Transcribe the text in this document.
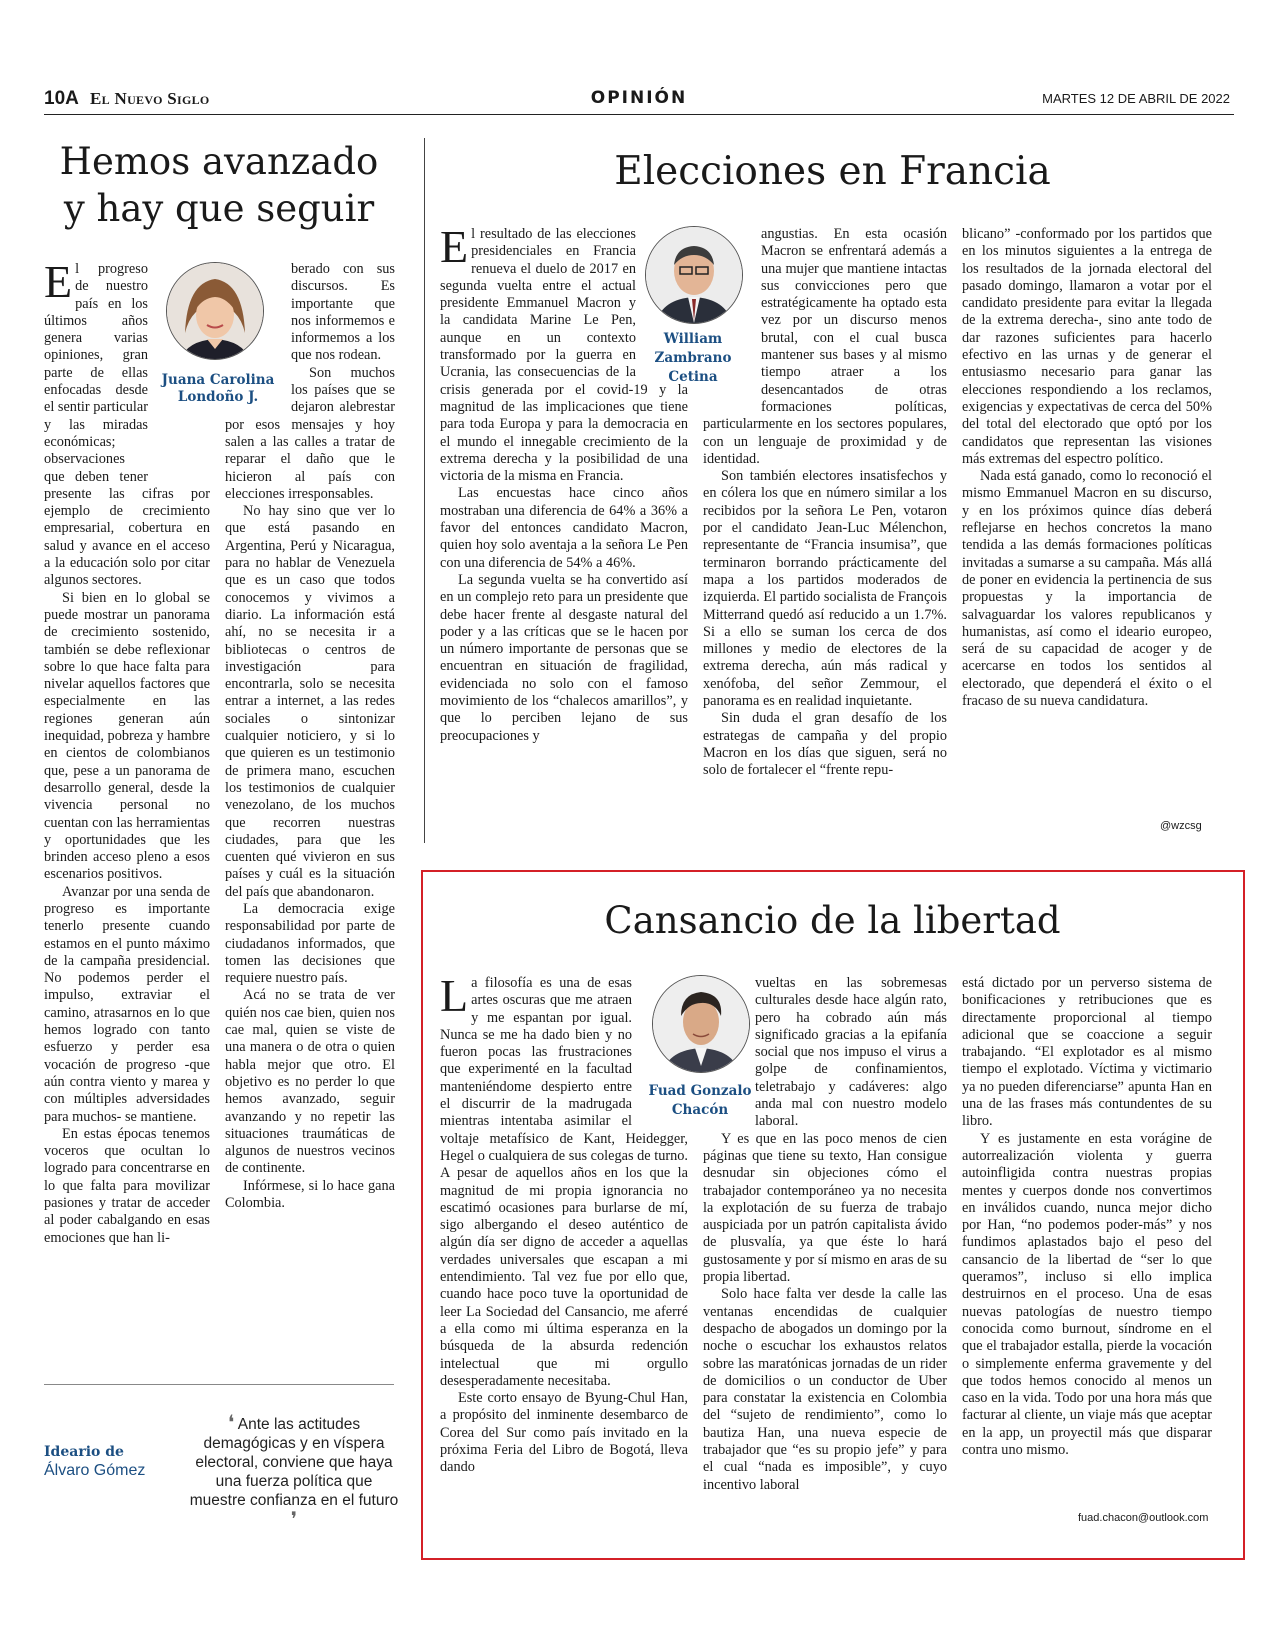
10A El Nuevo Siglo	OPINIÓN	MARTES 12 DE ABRIL DE 2022
Hemos avanzado
y hay que seguir

El progreso de nuestro país en los últimos años genera varias opiniones, gran parte de ellas enfocadas desde el sentir particular y las miradas económicas; observaciones que deben tener presente las cifras por ejemplo de crecimiento empresarial, cobertura en salud y avance en el acceso a la educación solo por citar algunos sectores.

Si bien en lo global se puede mostrar un panorama de crecimiento sostenido, también se debe reflexionar sobre lo que hace falta para nivelar aquellos factores que especialmente en las regiones generan aún inequidad, pobreza y hambre en cientos de colombianos que, pese a un panorama de desarrollo general, desde la vivencia personal no cuentan con las herramientas y oportunidades que les brinden acceso pleno a esos escenarios positivos.

Avanzar por una senda de progreso es importante tenerlo presente cuando estamos en el punto máximo de la campaña presidencial. No podemos perder el impulso, extraviar el camino, atrasarnos en lo que hemos logrado con tanto esfuerzo y perder esa vocación de progreso -que aún contra viento y marea y con múltiples adversidades para muchos- se mantiene.

En estas épocas tenemos voceros que ocultan lo logrado para concentrarse en lo que falta para movilizar pasiones y tratar de acceder al poder cabalgando en esas emociones que han li-

berado con sus discursos. Es importante que nos informemos e informemos a los que nos rodean.

Son muchos los países que se dejaron alebrestar por esos mensajes y hoy salen a las calles a tratar de reparar el daño que le hicieron al país con elecciones irresponsables.

No hay sino que ver lo que está pasando en Argentina, Perú y Nicaragua, para no hablar de Venezuela que es un caso que todos conocemos y vivimos a diario. La información está ahí, no se necesita ir a bibliotecas o centros de investigación para encontrarla, solo se necesita entrar a internet, a las redes sociales o sintonizar cualquier noticiero, y si lo que quieren es un testimonio de primera mano, escuchen los testimonios de cualquier venezolano, de los muchos que recorren nuestras ciudades, para que les cuenten qué vivieron en sus países y cuál es la situación del país que abandonaron.

La democracia exige responsabilidad por parte de ciudadanos informados, que tomen las decisiones que requiere nuestro país.

Acá no se trata de ver quién nos cae bien, quien nos cae mal, quien se viste de una manera o de otra o quien habla mejor que otro. El objetivo es no perder lo que hemos avanzado, seguir avanzando y no repetir las situaciones traumáticas de algunos de nuestros vecinos de continente.

Infórmese, si lo hace gana Colombia.

Juana Carolina
Londoño J.
Ideario de
Álvaro Gómez
❛ Ante las actitudes demagógicas y en víspera electoral, conviene que haya una fuerza política que muestre confianza en el futuro ❜
Elecciones en Francia

El resultado de las elecciones presidenciales en Francia renueva el duelo de 2017 en segunda vuelta entre el actual presidente Emmanuel Macron y la candidata Marine Le Pen, aunque en un contexto transformado por la guerra en Ucrania, las consecuencias de la crisis generada por el covid-19 y la magnitud de las implicaciones que tiene para toda Europa y para la democracia en el mundo el innegable crecimiento de la extrema derecha y la posibilidad de una victoria de la misma en Francia.

Las encuestas hace cinco años mostraban una diferencia de 64% a 36% a favor del entonces candidato Macron, quien hoy solo aventaja a la señora Le Pen con una diferencia de 54% a 46%.

La segunda vuelta se ha convertido así en un complejo reto para un presidente que debe hacer frente al desgaste natural del poder y a las críticas que se le hacen por un número importante de personas que se encuentran en situación de fragilidad, evidenciada no solo con el famoso movimiento de los “chalecos amarillos”, y que lo perciben lejano de sus preocupaciones y

angustias. En esta ocasión Macron se enfrentará además a una mujer que mantiene intactas sus convicciones pero que estratégicamente ha optado esta vez por un discurso menos brutal, con el cual busca mantener sus bases y al mismo tiempo atraer a los desencantados de otras formaciones políticas, particularmente en los sectores populares, con un lenguaje de proximidad y de identidad.

Son también electores insatisfechos y en cólera los que en número similar a los recibidos por la señora Le Pen, votaron por el candidato Jean-Luc Mélenchon, representante de “Francia insumisa”, que terminaron borrando prácticamente del mapa a los partidos moderados de izquierda. El partido socialista de François Mitterrand quedó así reducido a un 1.7%. Si a ello se suman los cerca de dos millones y medio de electores de la extrema derecha, aún más radical y xenófoba, del señor Zemmour, el panorama es en realidad inquietante.

Sin duda el gran desafío de los estrategas de campaña y del propio Macron en los días que siguen, será no solo de fortalecer el “frente repu-

blicano” -conformado por los partidos que en los minutos siguientes a la entrega de los resultados de la jornada electoral del pasado domingo, llamaron a votar por el candidato presidente para evitar la llegada de la extrema derecha-, sino ante todo de dar razones suficientes para hacerlo efectivo en las urnas y de generar el entusiasmo necesario para ganar las elecciones respondiendo a los reclamos, exigencias y expectativas de cerca del 50% del total del electorado que optó por los candidatos que representan las visiones más extremas del espectro político.

Nada está ganado, como lo reconoció el mismo Emmanuel Macron en su discurso, y en los próximos quince días deberá reflejarse en hechos concretos la mano tendida a las demás formaciones políticas invitadas a sumarse a su campaña. Más allá de poner en evidencia la pertinencia de sus propuestas y la importancia de salvaguardar los valores republicanos y humanistas, así como el ideario europeo, será de su capacidad de acoger y de acercarse en todos los sentidos al electorado, que dependerá el éxito o el fracaso de su nueva candidatura.

@wzcsg
William
Zambrano
Cetina
Cansancio de la libertad

La filosofía es una de esas artes oscuras que me atraen y me espantan por igual. Nunca se me ha dado bien y no fueron pocas las frustraciones que experimenté en la facultad manteniéndome despierto entre el discurrir de la madrugada mientras intentaba asimilar el voltaje metafísico de Kant, Heidegger, Hegel o cualquiera de sus colegas de turno. A pesar de aquellos años en los que la magnitud de mi propia ignorancia no escatimó ocasiones para burlarse de mí, sigo albergando el deseo auténtico de algún día ser digno de acceder a aquellas verdades universales que escapan a mi entendimiento. Tal vez fue por ello que, cuando hace poco tuve la oportunidad de leer La Sociedad del Cansancio, me aferré a ella como mi última esperanza en la búsqueda de la absurda redención intelectual que mi orgullo desesperadamente necesitaba.

Este corto ensayo de Byung-Chul Han, a propósito del inminente desembarco de Corea del Sur como país invitado en la próxima Feria del Libro de Bogotá, lleva dando

vueltas en las sobremesas culturales desde hace algún rato, pero ha cobrado aún más significado gracias a la epifanía social que nos impuso el virus a golpe de confinamientos, teletrabajo y cadáveres: algo anda mal con nuestro modelo laboral.

Y es que en las poco menos de cien páginas que tiene su texto, Han consigue desnudar sin objeciones cómo el trabajador contemporáneo ya no necesita la explotación de su fuerza de trabajo auspiciada por un patrón capitalista ávido de plusvalía, ya que éste lo hará gustosamente y por sí mismo en aras de su propia libertad.

Solo hace falta ver desde la calle las ventanas encendidas de cualquier despacho de abogados un domingo por la noche o escuchar los exhaustos relatos sobre las maratónicas jornadas de un rider de domicilios o un conductor de Uber para constatar la existencia en Colombia del “sujeto de rendimiento”, como lo bautiza Han, una nueva especie de trabajador que “es su propio jefe” y para el cual “nada es imposible”, y cuyo incentivo laboral

está dictado por un perverso sistema de bonificaciones y retribuciones que es directamente proporcional al tiempo adicional que se coaccione a seguir trabajando. “El explotador es al mismo tiempo el explotado. Víctima y victimario ya no pueden diferenciarse” apunta Han en una de las frases más contundentes de su libro.

Y es justamente en esta vorágine de autorrealización violenta y guerra autoinfligida contra nuestras propias mentes y cuerpos donde nos convertimos en inválidos cuando, nunca mejor dicho por Han, “no podemos poder-más” y nos fundimos aplastados bajo el peso del cansancio de la libertad de “ser lo que queramos”, incluso si ello implica destruirnos en el proceso. Una de esas nuevas patologías de nuestro tiempo conocida como burnout, síndrome en el que el trabajador estalla, pierde la vocación o simplemente enferma gravemente y del que todos hemos conocido al menos un caso en la vida. Todo por una hora más que facturar al cliente, un viaje más que aceptar en la app, un proyectil más que disparar contra uno mismo.

fuad.chacon@outlook.com
Fuad Gonzalo
Chacón
